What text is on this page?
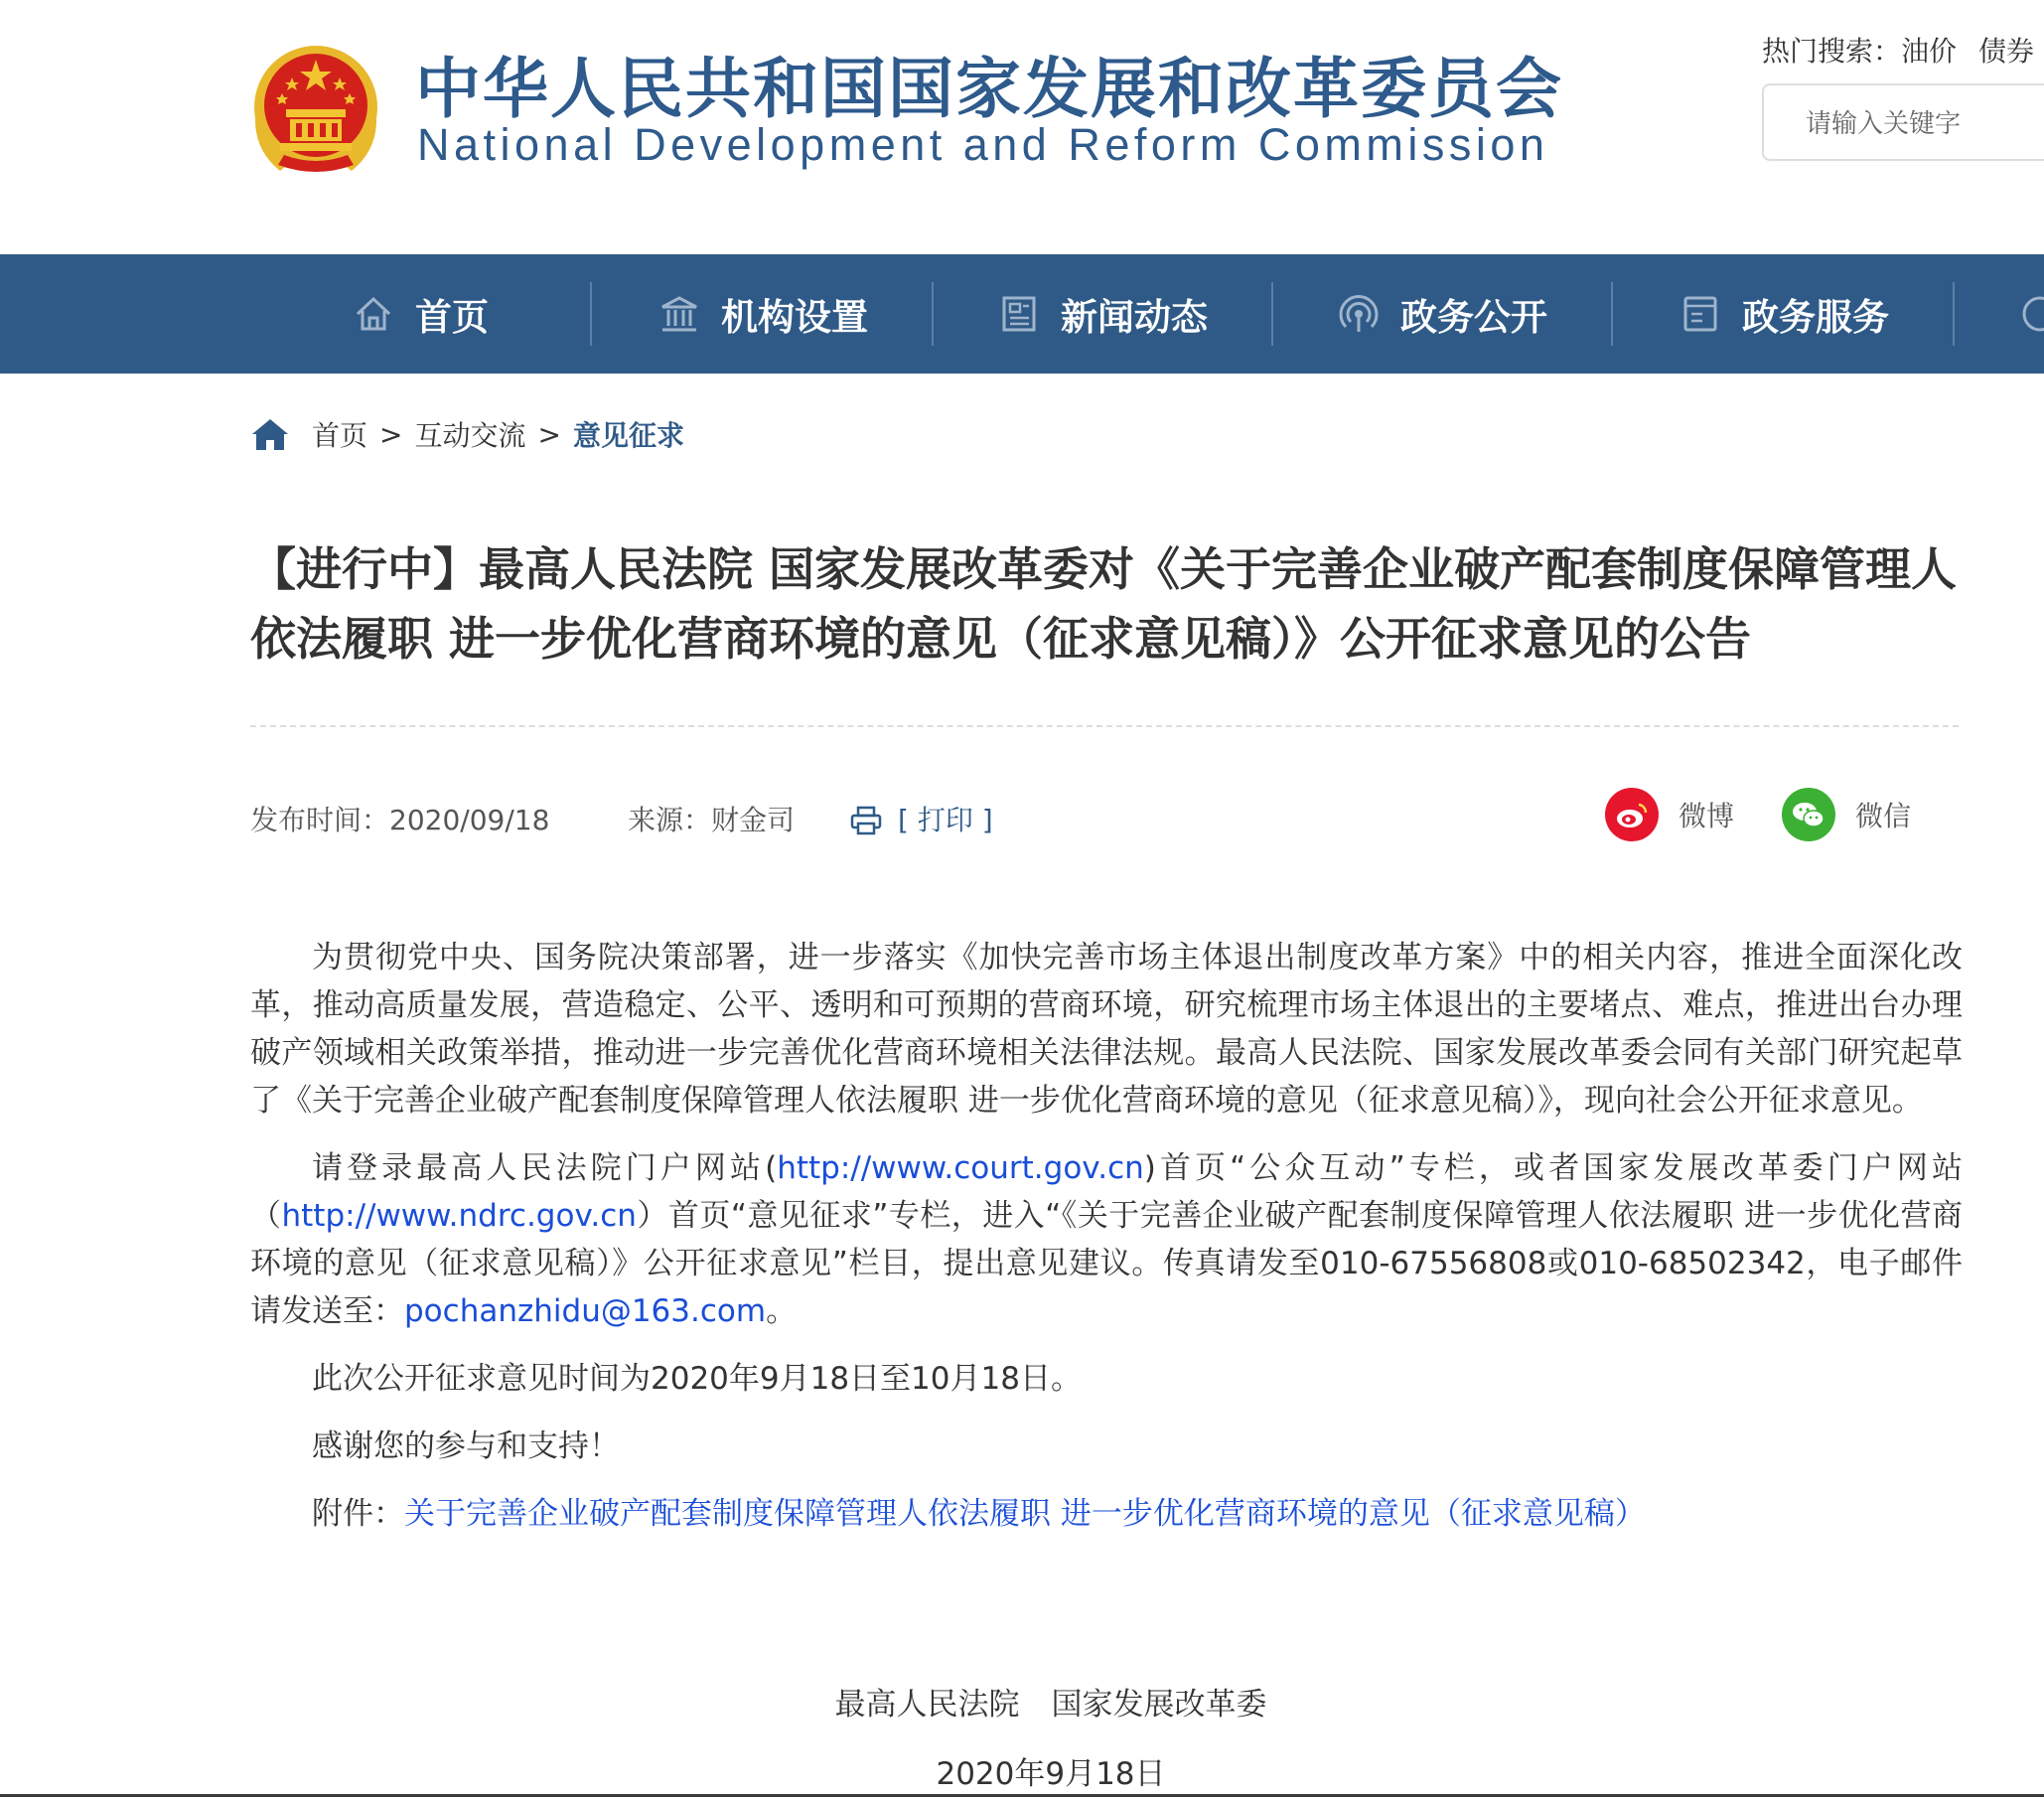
中华人民共和国国家发展和改革委员会
National Development and Reform Commission
热门搜索：油价 债券
请输入关键字
首页	机构设置	新闻动态	政务公开	政务服务
首页 > 互动交流 > 意见征求
【进行中】最高人民法院 国家发展改革委对《关于完善企业破产配套制度保障管理人依法履职 进一步优化营商环境的意见（征求意见稿）》公开征求意见的公告
发布时间：2020/09/18	来源：财金司	[ 打印 ]	微博	微信

为贯彻党中央、国务院决策部署，进一步落实《加快完善市场主体退出制度改革方案》中的相关内容，推进全面深化改革，推动高质量发展，营造稳定、公平、透明和可预期的营商环境，研究梳理市场主体退出的主要堵点、难点，推进出台办理破产领域相关政策举措，推动进一步完善优化营商环境相关法律法规。最高人民法院、国家发展改革委会同有关部门研究起草了《关于完善企业破产配套制度保障管理人依法履职 进一步优化营商环境的意见（征求意见稿）》，现向社会公开征求意见。

请登录最高人民法院门户网站(http://www.court.gov.cn)首页“公众互动”专栏，或者国家发展改革委门户网站（http://www.ndrc.gov.cn）首页“意见征求”专栏，进入“《关于完善企业破产配套制度保障管理人依法履职 进一步优化营商环境的意见（征求意见稿）》公开征求意见”栏目，提出意见建议。传真请发至010-67556808或010-68502342，电子邮件请发送至：pochanzhidu@163.com。

此次公开征求意见时间为2020年9月18日至10月18日。

感谢您的参与和支持！

附件：关于完善企业破产配套制度保障管理人依法履职 进一步优化营商环境的意见（征求意见稿）

最高人民法院 国家发展改革委
2020年9月18日
